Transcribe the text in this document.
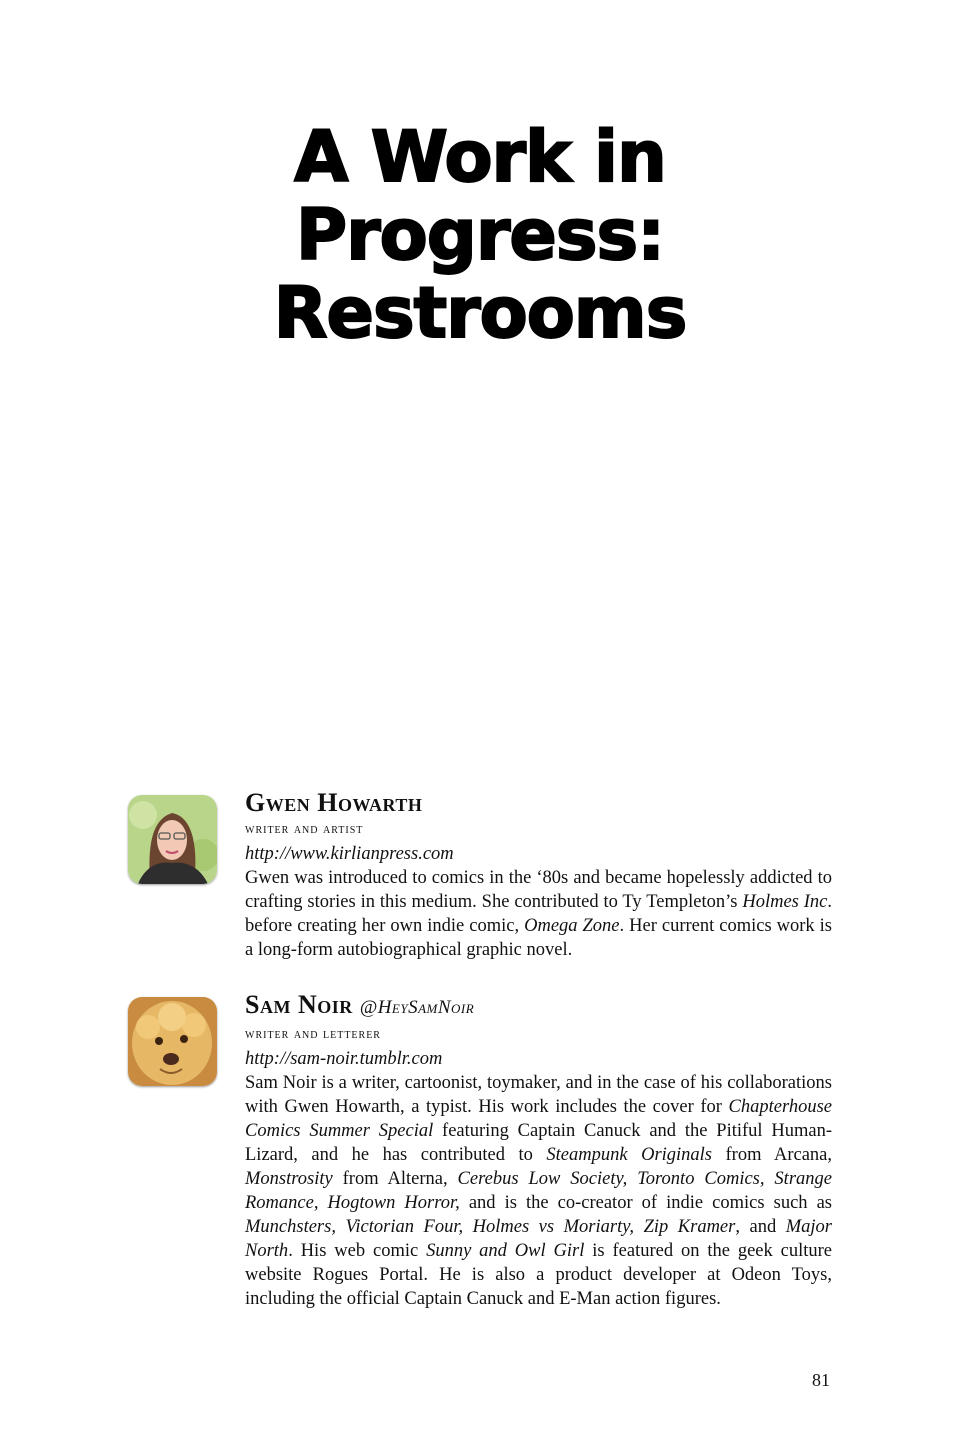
A Work in
Progress:
Restrooms
Gwen Howarth
writer and artist
http://www.kirlianpress.com
Gwen was introduced to comics in the ‘80s and became hopelessly addicted to crafting stories in this medium. She contributed to Ty Templeton’s Holmes Inc. before creating her own indie comic, Omega Zone. Her current comics work is a long-form autobiographical graphic novel.
Sam Noir @HeySamNoir
writer and letterer
http://sam-noir.tumblr.com
Sam Noir is a writer, cartoonist, toymaker, and in the case of his collaborations with Gwen Howarth, a typist. His work includes the cover for Chapterhouse Comics Summer Special featuring Captain Canuck and the Pitiful Human-Lizard, and he has contributed to Steampunk Originals from Arcana, Monstrosity from Alterna, Cerebus Low Society, Toronto Comics, Strange Romance, Hogtown Horror, and is the co-creator of indie comics such as Munchsters, Victorian Four, Holmes vs Moriarty, Zip Kramer, and Major North. His web comic Sunny and Owl Girl is featured on the geek culture website Rogues Portal. He is also a product developer at Odeon Toys, including the official Captain Canuck and E-Man action figures.
81
